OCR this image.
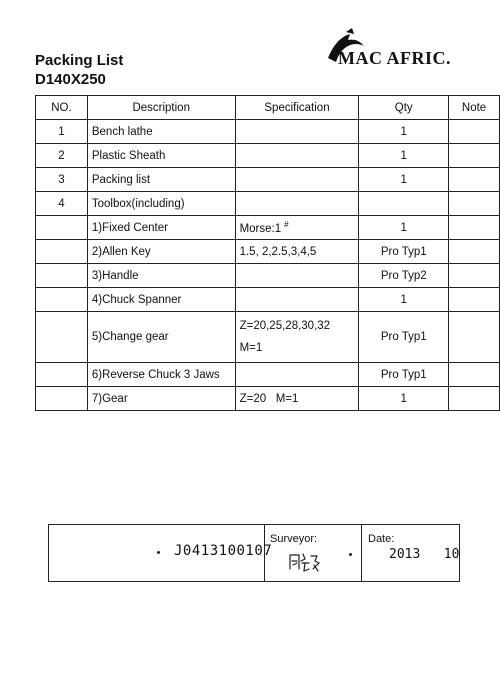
Packing List
D140X250
MAC AFRIC.
NO.	Description	Specification	Qty	Note
1	Bench lathe		1	
2	Plastic Sheath		1	
3	Packing list		1	
4	Toolbox(including)			
	1)Fixed Center	Morse:1 #	1	
	2)Allen Key	1.5, 2,2.5,3,4,5	Pro Typ1	
	3)Handle		Pro Typ2	
	4)Chuck Spanner		1	
	5)Change gear	Z=20,25,28,30,32
M=1	Pro Typ1	
	6)Reverse Chuck 3 Jaws		Pro Typ1	
	7)Gear	Z=20   M=1	1	
J0413100107
Surveyor:	Date:
2013   10
